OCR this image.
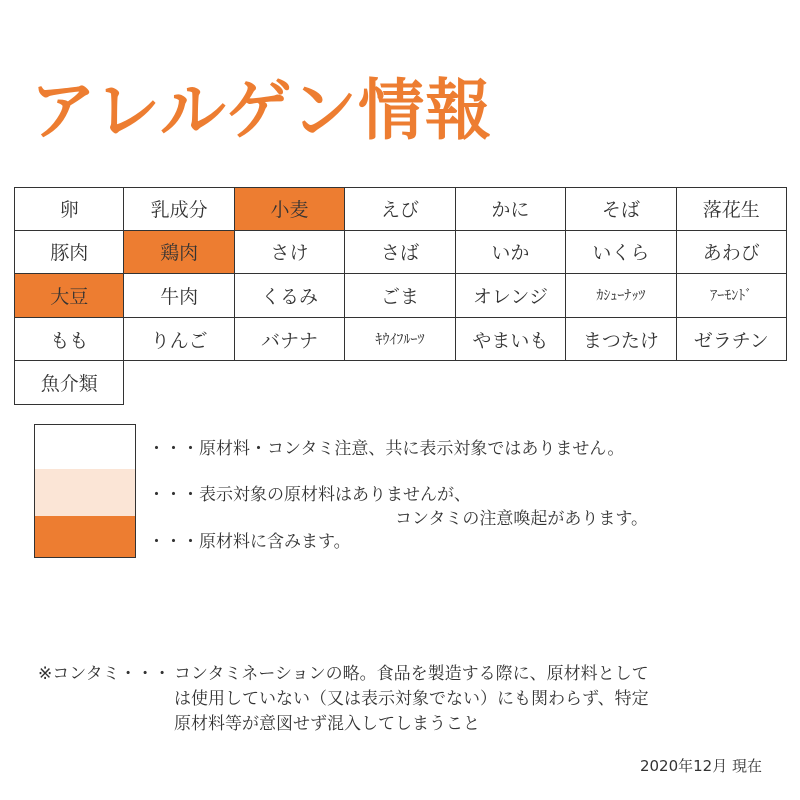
アレルゲン情報
卵	乳成分	小麦	えび	かに	そば	落花生
豚肉	鶏肉	さけ	さば	いか	いくら	あわび
大豆	牛肉	くるみ	ごま	オレンジ	ｶｼｭｰﾅｯﾂ	ｱｰﾓﾝﾄﾞ
もも	りんご	バナナ	ｷｳｲﾌﾙｰﾂ	やまいも	まつたけ	ゼラチン
魚介類
・・・原材料・コンタミ注意、共に表示対象ではありません。
・・・表示対象の原材料はありませんが、
コンタミの注意喚起があります。
・・・原材料に含みます。
※コンタミ・・・ コンタミネーションの略。食品を製造する際に、原材料として
は使用していない（又は表示対象でない）にも関わらず、特定
原材料等が意図せず混入してしまうこと
2020年12月 現在
